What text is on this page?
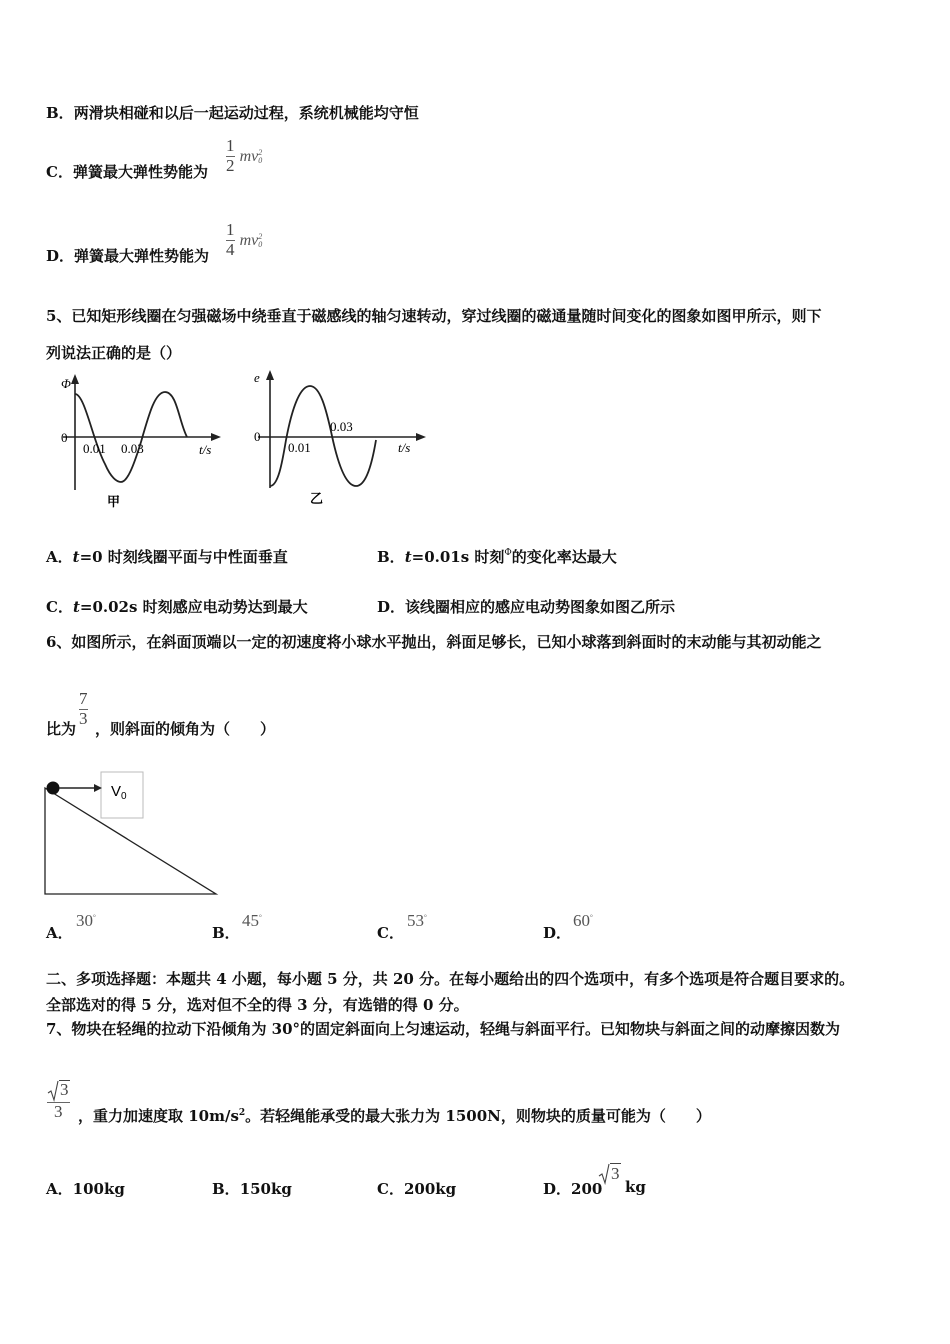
B．两滑块相碰和以后一起运动过程，系统机械能均守恒
C．弹簧最大弹性势能为 $\frac{1}{2}$ mv 2
0
D．弹簧最大弹性势能为 $\frac{1}{4}$ mv 2
0
5、已知矩形线圈在匀强磁场中绕垂直于磁感线的轴匀速转动，穿过线圈的磁通量随时间变化的图象如图甲所示，则下
列说法正确的是（）
Φ
0
0.01 0.03	t/s
甲
e
0
0.01
0.03
t/s
乙
A．t=0 时刻线圈平面与中性面垂直	B．t=0.01s 时刻$^\Phi$的变化率达最大
C．t=0.02s 时刻感应电动势达到最大	D．该线圈相应的感应电动势图象如图乙所示
6、如图所示，在斜面顶端以一定的初速度将小球水平抛出，斜面足够长，已知小球落到斜面时的末动能与其初动能之
比为
$\frac{7}{3}$
，则斜面的倾角为（　　）
V 0
A．
30°
B．
45°
C．
53°
D．
60°
二、多项选择题：本题共 4 小题，每小题 5 分，共 20 分。在每小题给出的四个选项中，有多个选项是符合题目要求的。
全部选对的得 5 分，选对但不全的得 3 分，有选错的得 0 分。
7、物块在轻绳的拉动下沿倾角为 30°的固定斜面向上匀速运动，轻绳与斜面平行。已知物块与斜面之间的动摩擦因数为
$\frac{3}{3}$ ，重力加速度取 $10m/s^2$。若轻绳能承受的最大张力为 1500N，则物块的质量可能为（　　）
A．100kg	B．150kg	C．200kg	D．200
3
kg
